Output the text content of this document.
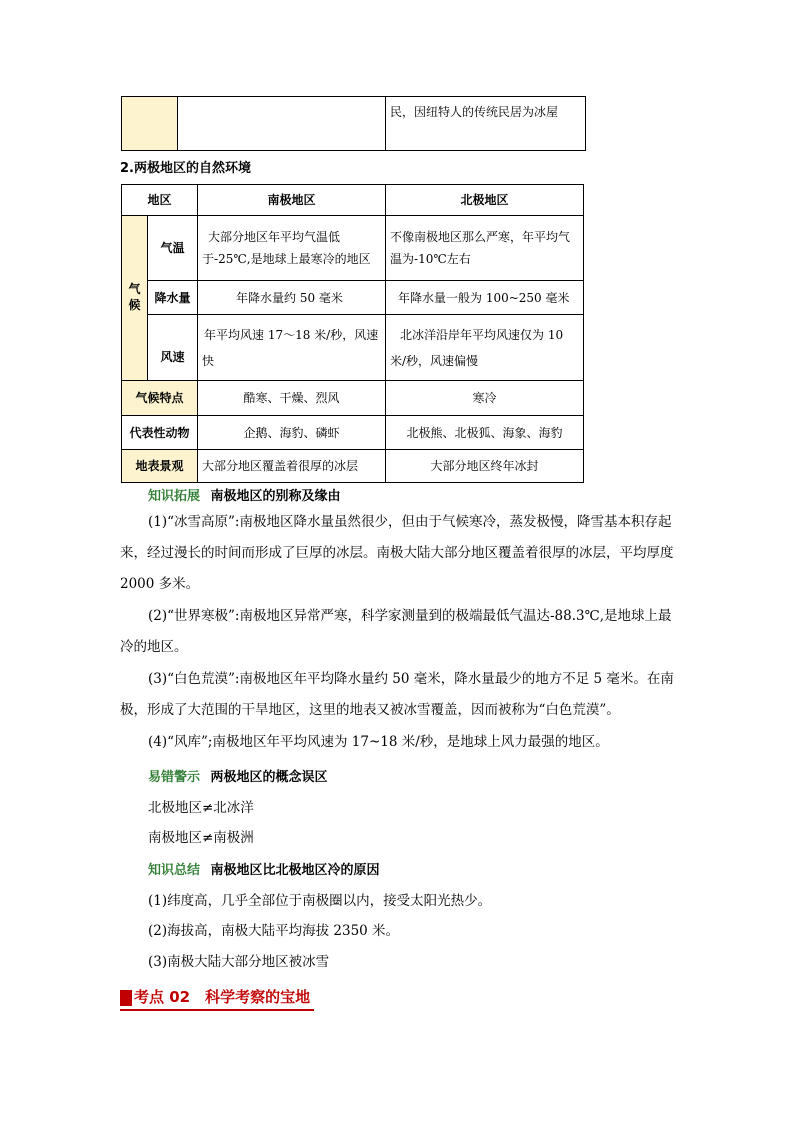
		民，因纽特人的传统民居为冰屋
2.两极地区的自然环境
地区		南极地区	北极地区
气候	气温	大部分地区年平均气温低于-25℃,是地球上最寒冷的地区	不像南极地区那么严寒，年平均气温为-10℃左右
	降水量	年降水量约 50 毫米	年降水量一般为 100~250 毫米
	风速	年平均风速 17～18 米/秒，风速快	北冰洋沿岸年平均风速仅为 10 米/秒，风速偏慢
气候特点		酷寒、干燥、烈风	寒冷
代表性动物		企鹅、海豹、磷虾	北极熊、北极狐、海象、海豹
地表景观		大部分地区覆盖着很厚的冰层	大部分地区终年冰封
知识拓展 南极地区的别称及缘由
(1)“冰雪高原”:南极地区降水量虽然很少，但由于气候寒冷，蒸发极慢，降雪基本积存起来，经过漫长的时间而形成了巨厚的冰层。南极大陆大部分地区覆盖着很厚的冰层，平均厚度 2000 多米。
(2)“世界寒极”:南极地区异常严寒，科学家测量到的极端最低气温达-88.3℃,是地球上最冷的地区。
(3)“白色荒漠”:南极地区年平均降水量约 50 毫米，降水量最少的地方不足 5 毫米。在南极，形成了大范围的干旱地区，这里的地表又被冰雪覆盖，因而被称为“白色荒漠”。
(4)“风库”;南极地区年平均风速为 17~18 米/秒，是地球上风力最强的地区。
易错警示 两极地区的概念误区
北极地区≠北冰洋
南极地区≠南极洲
知识总结 南极地区比北极地区冷的原因
(1)纬度高，几乎全部位于南极圈以内，接受太阳光热少。
(2)海拔高，南极大陆平均海拔 2350 米。
(3)南极大陆大部分地区被冰雪
考点 02　科学考察的宝地
